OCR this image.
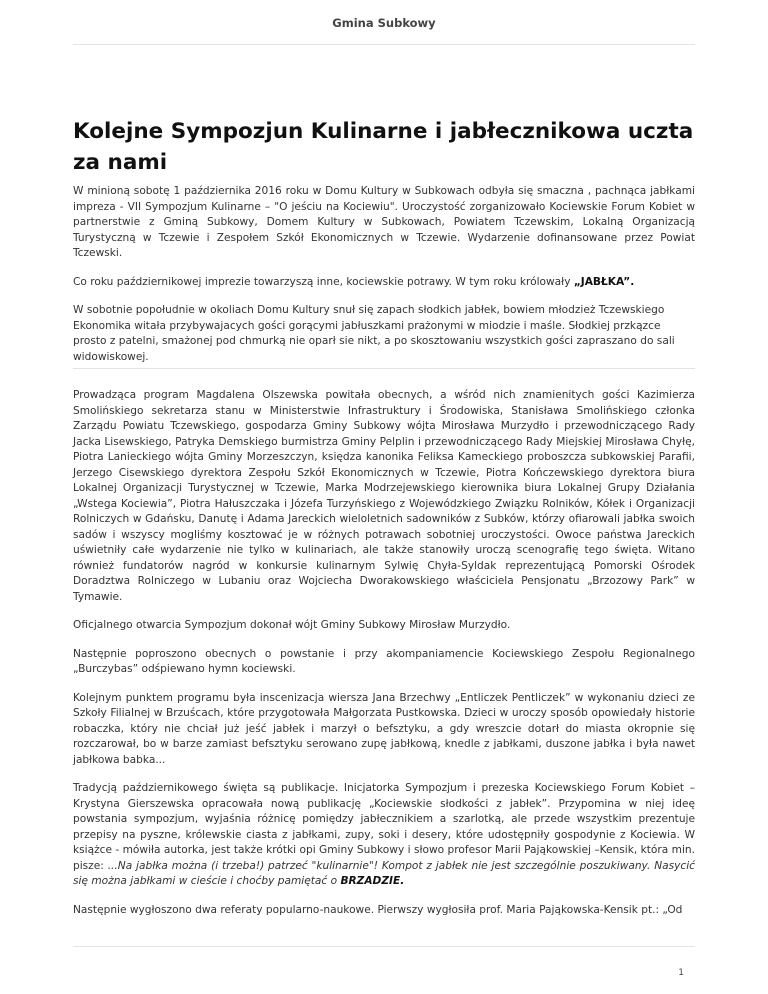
Gmina Subkowy
Kolejne Sympozjun Kulinarne i jabłecznikowa uczta za nami

W minioną sobotę 1 października 2016 roku w Domu Kultury w Subkowach odbyła się smaczna , pachnąca jabłkami impreza - VII Sympozjum Kulinarne – "O jeściu na Kociewiu". Uroczystość zorganizowało Kociewskie Forum Kobiet w partnerstwie z Gminą Subkowy, Domem Kultury w Subkowach, Powiatem Tczewskim, Lokalną Organizacją Turystyczną w Tczewie i Zespołem Szkół Ekonomicznych w Tczewie. Wydarzenie dofinansowane przez Powiat Tczewski.

Co roku październikowej imprezie towarzyszą inne, kociewskie potrawy. W tym roku królowały „JABŁKA”.

W sobotnie popołudnie w okoliach Domu Kultury snuł się zapach słodkich jabłek, bowiem młodzież Tczewskiego Ekonomika witała przybywajacych gości gorącymi jabłuszkami prażonymi w miodzie i maśle. Słodkiej przkązce prosto z patelni, smażonej pod chmurką nie oparł sie nikt, a po skosztowaniu wszystkich gości zapraszano do sali widowiskowej.

Prowadząca program Magdalena Olszewska powitała obecnych, a wśród nich znamienitych gości Kazimierza Smolińskiego sekretarza stanu w Ministerstwie Infrastruktury i Środowiska, Stanisława Smolińskiego członka Zarządu Powiatu Tczewskiego, gospodarza Gminy Subkowy wójta Mirosława Murzydło i przewodniczącego Rady Jacka Lisewskiego, Patryka Demskiego burmistrza Gminy Pelplin i przewodniczącego Rady Miejskiej Mirosława Chyłę, Piotra Lanieckiego wójta Gminy Morzeszczyn, księdza kanonika Feliksa Kameckiego proboszcza subkowskiej Parafii, Jerzego Cisewskiego dyrektora Zespołu Szkół Ekonomicznych w Tczewie, Piotra Kończewskiego dyrektora biura Lokalnej Organizacji Turystycznej w Tczewie, Marka Modrzejewskiego kierownika biura Lokalnej Grupy Działania „Wstega Kociewia”, Piotra Hałuszczaka i Józefa Turzyńskiego z Wojewódzkiego Związku Rolników, Kółek i Organizacji Rolniczych w Gdańsku, Danutę i Adama Jareckich wieloletnich sadowników z Subków, którzy ofiarowali jabłka swoich sadów i wszyscy mogliśmy kosztować je w różnych potrawach sobotniej uroczystości. Owoce państwa Jareckich uświetniły całe wydarzenie nie tylko w kulinariach, ale także stanowiły uroczą scenografię tego święta. Witano również fundatorów nagród w konkursie kulinarnym Sylwię Chyła-Syldak reprezentującą Pomorski Ośrodek Doradztwa Rolniczego w Lubaniu oraz Wojciecha Dworakowskiego właściciela Pensjonatu „Brzozowy Park” w Tymawie.

Oficjalnego otwarcia Sympozjum dokonał wójt Gminy Subkowy Mirosław Murzydło.

Następnie poproszono obecnych o powstanie i przy akompaniamencie Kociewskiego Zespołu Regionalnego „Burczybas” odśpiewano hymn kociewski.

Kolejnym punktem programu była inscenizacja wiersza Jana Brzechwy „Entliczek Pentliczek” w wykonaniu dzieci ze Szkoły Filialnej w Brzuścach, które przygotowała Małgorzata Pustkowska. Dzieci w uroczy sposób opowiedały historie robaczka, który nie chciał już jeść jabłek i marzył o befsztyku, a gdy wreszcie dotarł do miasta okropnie się rozczarował, bo w barze zamiast befsztyku serowano zupę jabłkową, knedle z jabłkami, duszone jabłka i była nawet jabłkowa babka...

Tradycją październikowego święta są publikacje. Inicjatorka Sympozjum i prezeska Kociewskiego Forum Kobiet – Krystyna Gierszewska opracowała nową publikację „Kociewskie słodkości z jabłek”. Przypomina w niej ideę powstania sympozjum, wyjaśnia różnicę pomiędzy jabłecznikiem a szarlotką, ale przede wszystkim prezentuje przepisy na pyszne, królewskie ciasta z jabłkami, zupy, soki i desery, które udostępniły gospodynie z Kociewia. W książce - mówiła autorka, jest także krótki opi Gminy Subkowy i słowo profesor Marii Pająkowskiej –Kensik, która min. pisze: ...Na jabłka można (i trzeba!) patrzeć "kulinarnie"! Kompot z jabłek nie jest szczególnie poszukiwany. Nasycić się można jabłkami w cieście i choćby pamiętać o BRZADZIE.

Następnie wygłoszono dwa referaty popularno-naukowe. Pierwszy wygłosiła prof. Maria Pająkowska-Kensik pt.: „Od

1
